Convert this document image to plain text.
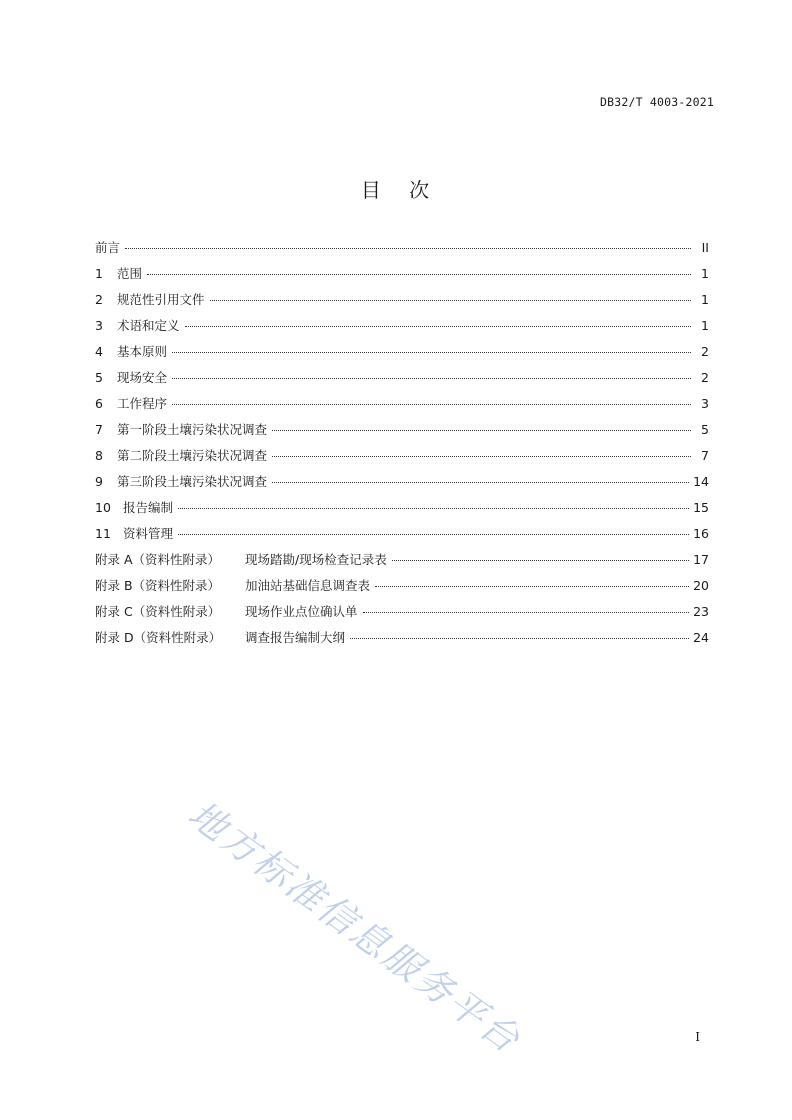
DB32/T 4003-2021
目 次
前言	II
1 范围	1
2 规范性引用文件	1
3 术语和定义	1
4 基本原则	2
5 现场安全	2
6 工作程序	3
7 第一阶段土壤污染状况调查	5
8 第二阶段土壤污染状况调查	7
9 第三阶段土壤污染状况调查	14
10 报告编制	15
11 资料管理	16
附录 A（资料性附录） 现场踏勘/现场检查记录表	17
附录 B（资料性附录） 加油站基础信息调查表	20
附录 C（资料性附录） 现场作业点位确认单	23
附录 D（资料性附录） 调查报告编制大纲	24
地方标准信息服务平台	I
